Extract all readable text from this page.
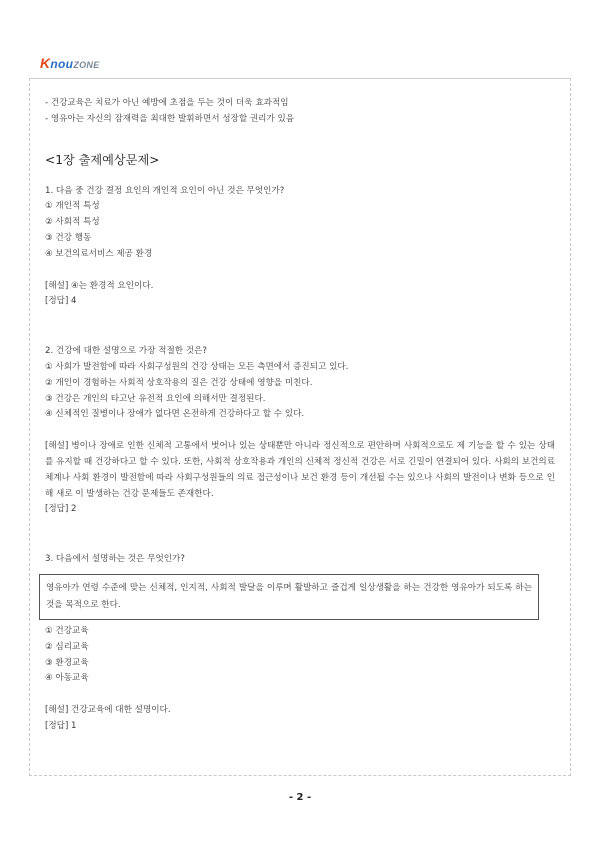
KnouZONE
- 건강교육은 치료가 아닌 예방에 초점을 두는 것이 더욱 효과적임
- 영유아는 자신의 잠재력을 최대한 발휘하면서 성장할 권리가 있음
<1장 출제예상문제>
1. 다음 중 건강 결정 요인의 개인적 요인이 아닌 것은 무엇인가?
① 개인적 특성
② 사회적 특성
③ 건강 행동
④ 보건의료서비스 제공 환경
[해설] ④는 환경적 요인이다.
[정답] 4
2. 건강에 대한 설명으로 가장 적절한 것은?
① 사회가 발전함에 따라 사회구성원의 건강 상태는 모든 측면에서 증진되고 있다.
② 개인이 경험하는 사회적 상호작용의 질은 건강 상태에 영향을 미친다.
③ 건강은 개인의 타고난 유전적 요인에 의해서만 결정된다.
④ 신체적인 질병이나 장애가 없다면 온전하게 건강하다고 할 수 있다.
[해설] 병이나 장애로 인한 신체적 고통에서 벗어나 있는 상태뿐만 아니라 정신적으로 편안하며 사회적으로도 제 기능을 할 수 있는 상태를 유지할 때 건강하다고 할 수 있다. 또한, 사회적 상호작용과 개인의 신체적 정신적 건강은 서로 긴밀이 연결되어 있다. 사회의 보건의료체계나 사회 환경이 발전함에 따라 사회구성원들의 의료 접근성이나 보건 환경 등이 개선될 수는 있으나 사회의 발전이나 변화 등으로 인해 새로 이 발생하는 건강 문제들도 존재한다.
[정답] 2
3. 다음에서 설명하는 것은 무엇인가?
영유아가 연령 수준에 맞는 신체적, 인지적, 사회적 발달을 이루며 활발하고 즐겁게 일상생활을 하는 건강한 영유아가 되도록 하는 것을 목적으로 한다.
① 건강교육
② 심리교육
③ 환경교육
④ 아동교육
[해설] 건강교육에 대한 설명이다.
[정답] 1
- 2 -
